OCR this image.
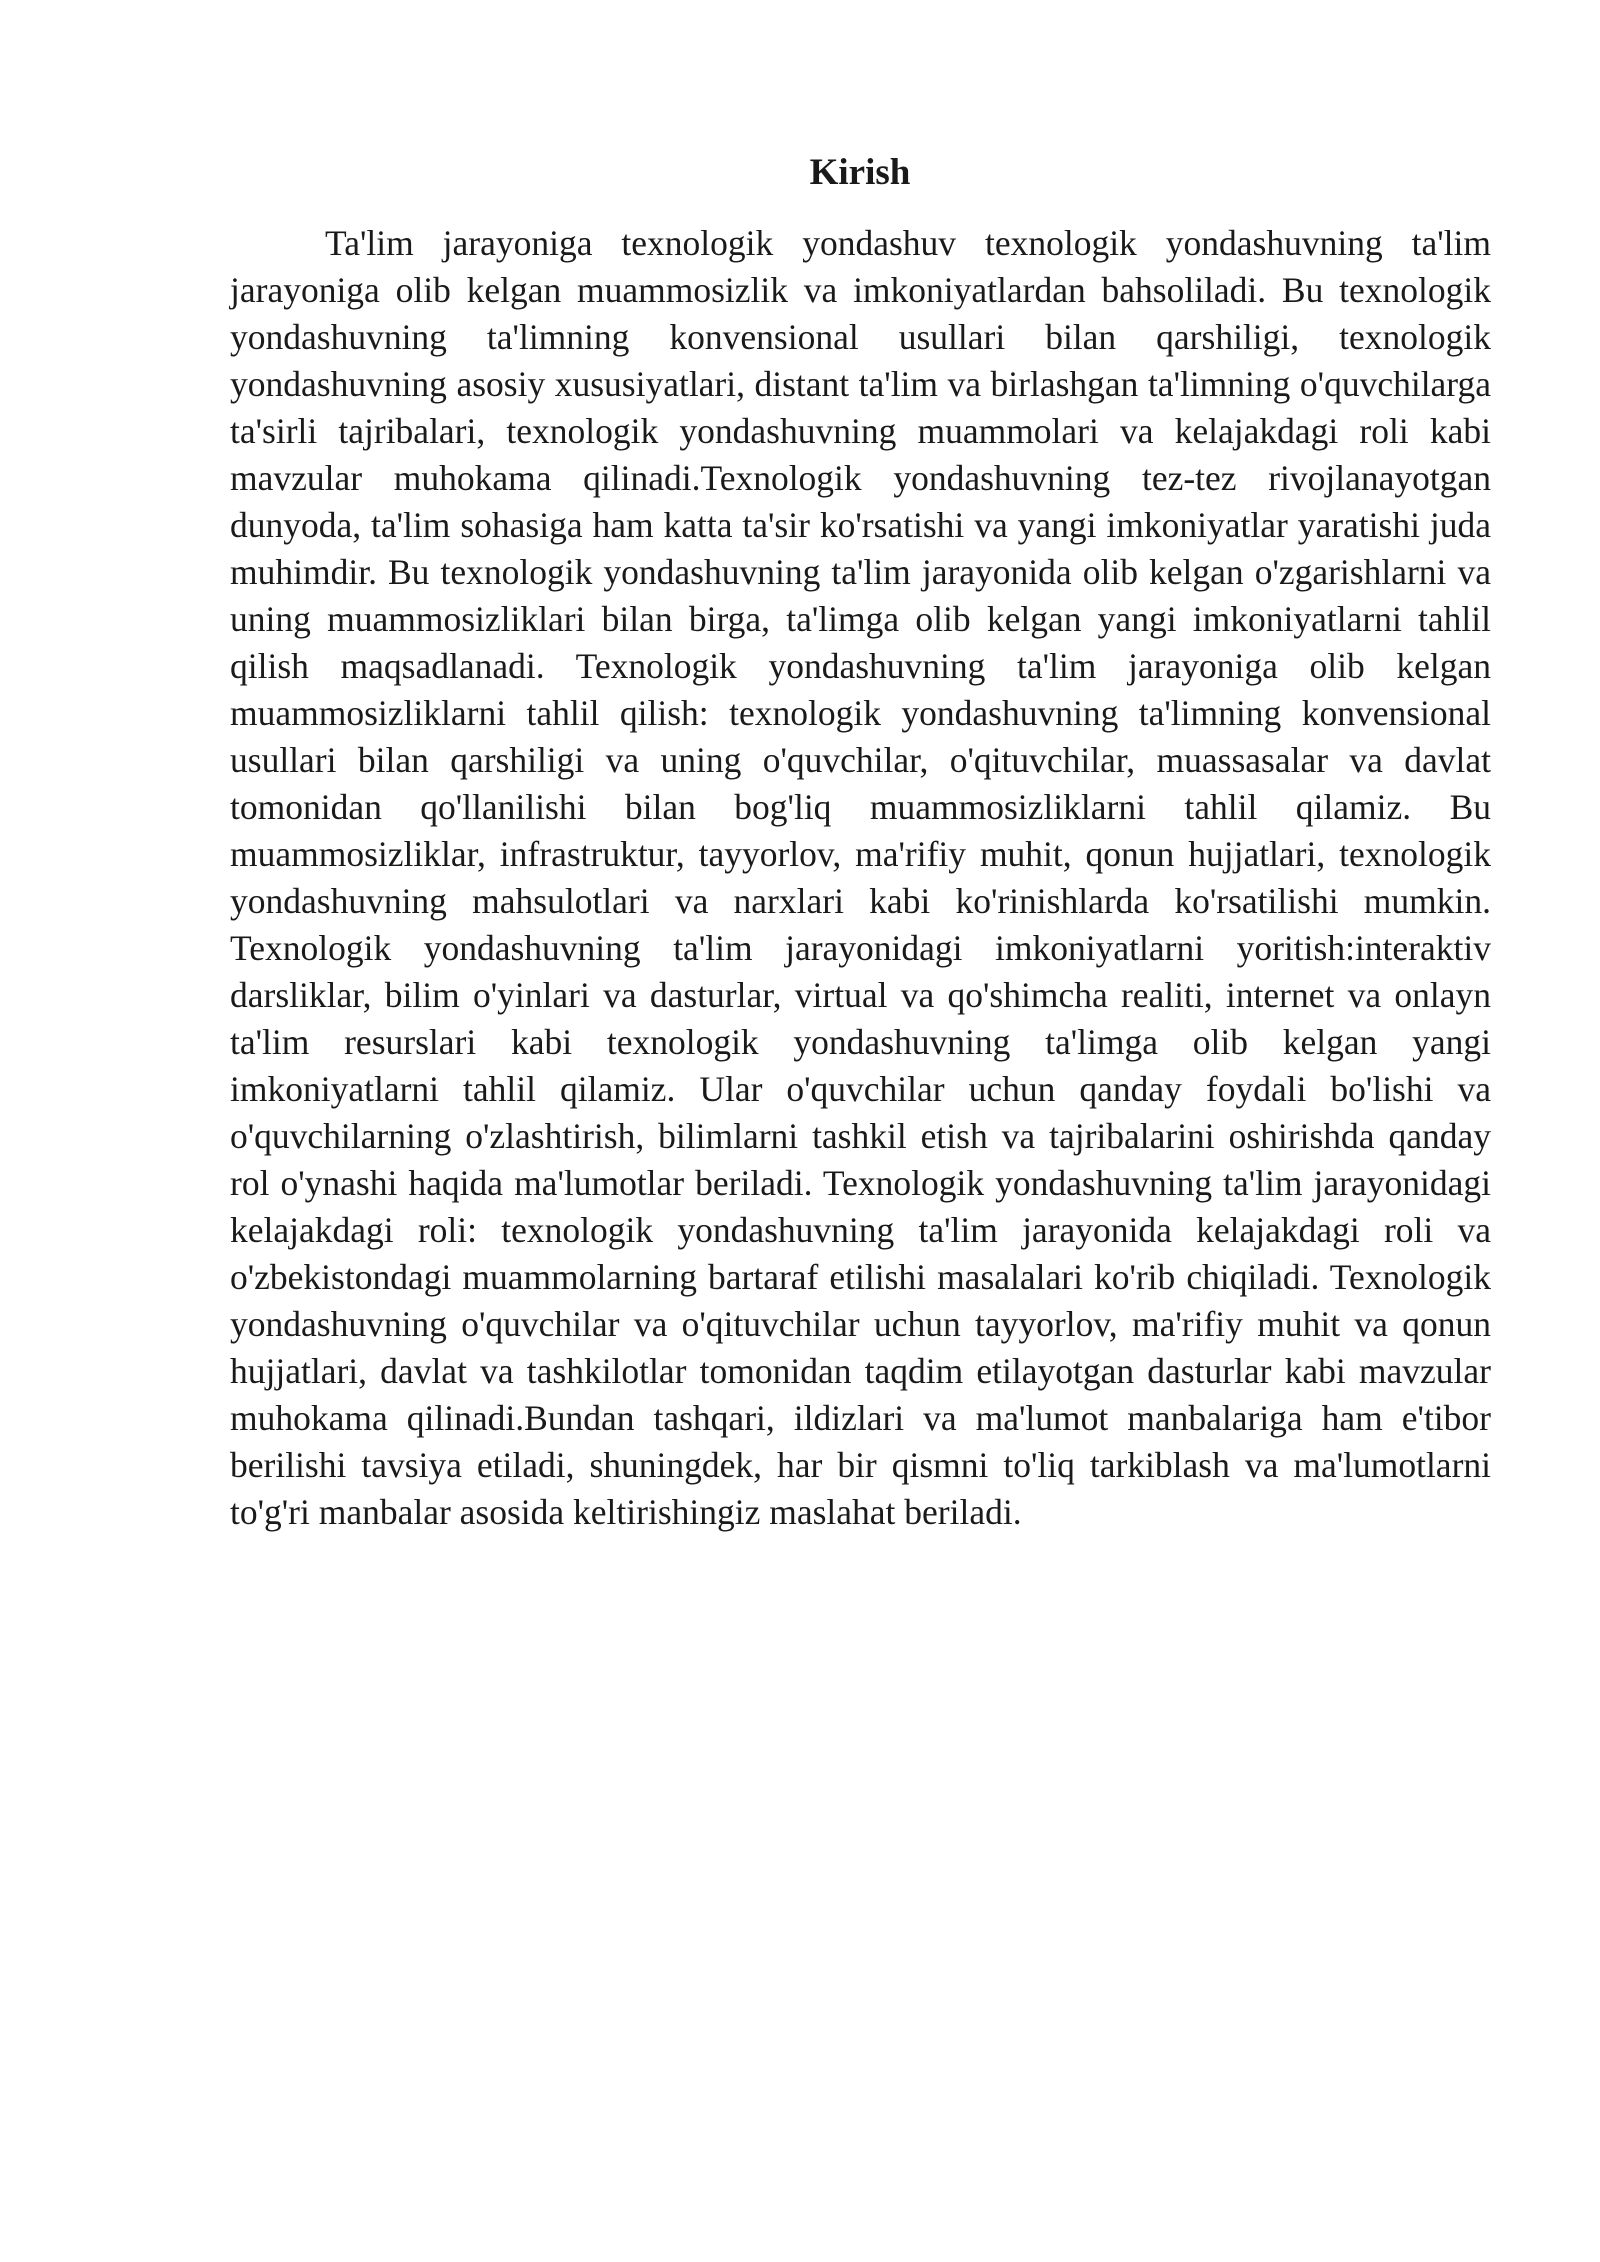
Kirish

Ta'lim jarayoniga texnologik yondashuv texnologik yondashuvning ta'lim jarayoniga olib kelgan muammosizlik va imkoniyatlardan bahsoliladi. Bu texnologik yondashuvning ta'limning konvensional usullari bilan qarshiligi, texnologik yondashuvning asosiy xususiyatlari, distant ta'lim va birlashgan ta'limning o'quvchilarga ta'sirli tajribalari, texnologik yondashuvning muammolari va kelajakdagi roli kabi mavzular muhokama qilinadi.Texnologik yondashuvning tez-tez rivojlanayotgan dunyoda, ta'lim sohasiga ham katta ta'sir ko'rsatishi va yangi imkoniyatlar yaratishi juda muhimdir. Bu texnologik yondashuvning ta'lim jarayonida olib kelgan o'zgarishlarni va uning muammosizliklari bilan birga, ta'limga olib kelgan yangi imkoniyatlarni tahlil qilish maqsadlanadi. Texnologik yondashuvning ta'lim jarayoniga olib kelgan muammosizliklarni tahlil qilish: texnologik yondashuvning ta'limning konvensional usullari bilan qarshiligi va uning o'quvchilar, o'qituvchilar, muassasalar va davlat tomonidan qo'llanilishi bilan bog'liq muammosizliklarni tahlil qilamiz. Bu muammosizliklar, infrastruktur, tayyorlov, ma'rifiy muhit, qonun hujjatlari, texnologik yondashuvning mahsulotlari va narxlari kabi ko'rinishlarda ko'rsatilishi mumkin. Texnologik yondashuvning ta'lim jarayonidagi imkoniyatlarni yoritish:interaktiv darsliklar, bilim o'yinlari va dasturlar, virtual va qo'shimcha realiti, internet va onlayn ta'lim resurslari kabi texnologik yondashuvning ta'limga olib kelgan yangi imkoniyatlarni tahlil qilamiz. Ular o'quvchilar uchun qanday foydali bo'lishi va o'quvchilarning o'zlashtirish, bilimlarni tashkil etish va tajribalarini oshirishda qanday rol o'ynashi haqida ma'lumotlar beriladi. Texnologik yondashuvning ta'lim jarayonidagi kelajakdagi roli: texnologik yondashuvning ta'lim jarayonida kelajakdagi roli va o'zbekistondagi muammolarning bartaraf etilishi masalalari ko'rib chiqiladi. Texnologik yondashuvning o'quvchilar va o'qituvchilar uchun tayyorlov, ma'rifiy muhit va qonun hujjatlari, davlat va tashkilotlar tomonidan taqdim etilayotgan dasturlar kabi mavzular muhokama qilinadi.Bundan tashqari, ildizlari va ma'lumot manbalariga ham e'tibor berilishi tavsiya etiladi, shuningdek, har bir qismni to'liq tarkiblash va ma'lumotlarni to'g'ri manbalar asosida keltirishingiz maslahat beriladi.
